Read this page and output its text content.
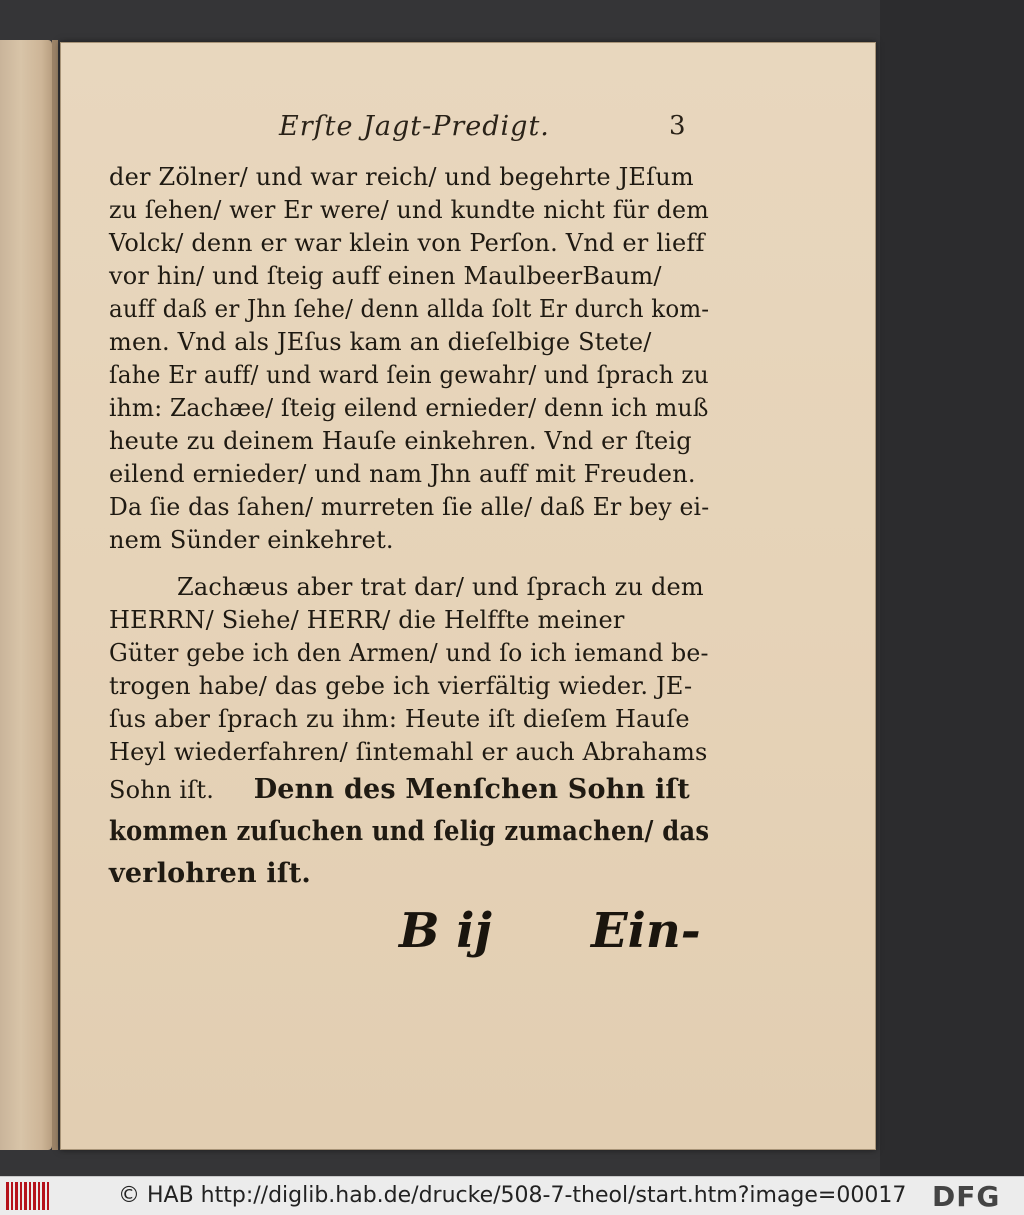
Erſte Jagt-Predigt.	3

der Zölner/ und war reich/ und begehrte JEſum
zu ſehen/ wer Er were/ und kundte nicht für dem
Volck/ denn er war klein von Perſon. Vnd er lieff
vor hin/ und ſteig auff einen MaulbeerBaum/
auff daß er Jhn ſehe/ denn allda ſolt Er durch kom-
men. Vnd als JEſus kam an dieſelbige Stete/
ſahe Er auff/ und ward ſein gewahr/ und ſprach zu
ihm: Zachæe/ ſteig eilend ernieder/ denn ich muß
heute zu deinem Hauſe einkehren. Vnd er ſteig
eilend ernieder/ und nam Jhn auff mit Freuden.
Da ſie das ſahen/ murreten ſie alle/ daß Er bey ei-
nem Sünder einkehret.
Zachæus aber trat dar/ und ſprach zu dem
HERRN/ Siehe/ HERR/ die Helffte meiner
Güter gebe ich den Armen/ und ſo ich iemand be-
trogen habe/ das gebe ich vierfältig wieder. JE-
ſus aber ſprach zu ihm: Heute iſt dieſem Hauſe
Heyl wiederfahren/ ſintemahl er auch Abrahams
Sohn iſt. Denn des Menſchen Sohn iſt
kommen zuſuchen und ſelig zumachen/ das
verlohren iſt.

B ij Ein-
© HAB http://diglib.hab.de/drucke/508-7-theol/start.htm?image=00017 DFG
